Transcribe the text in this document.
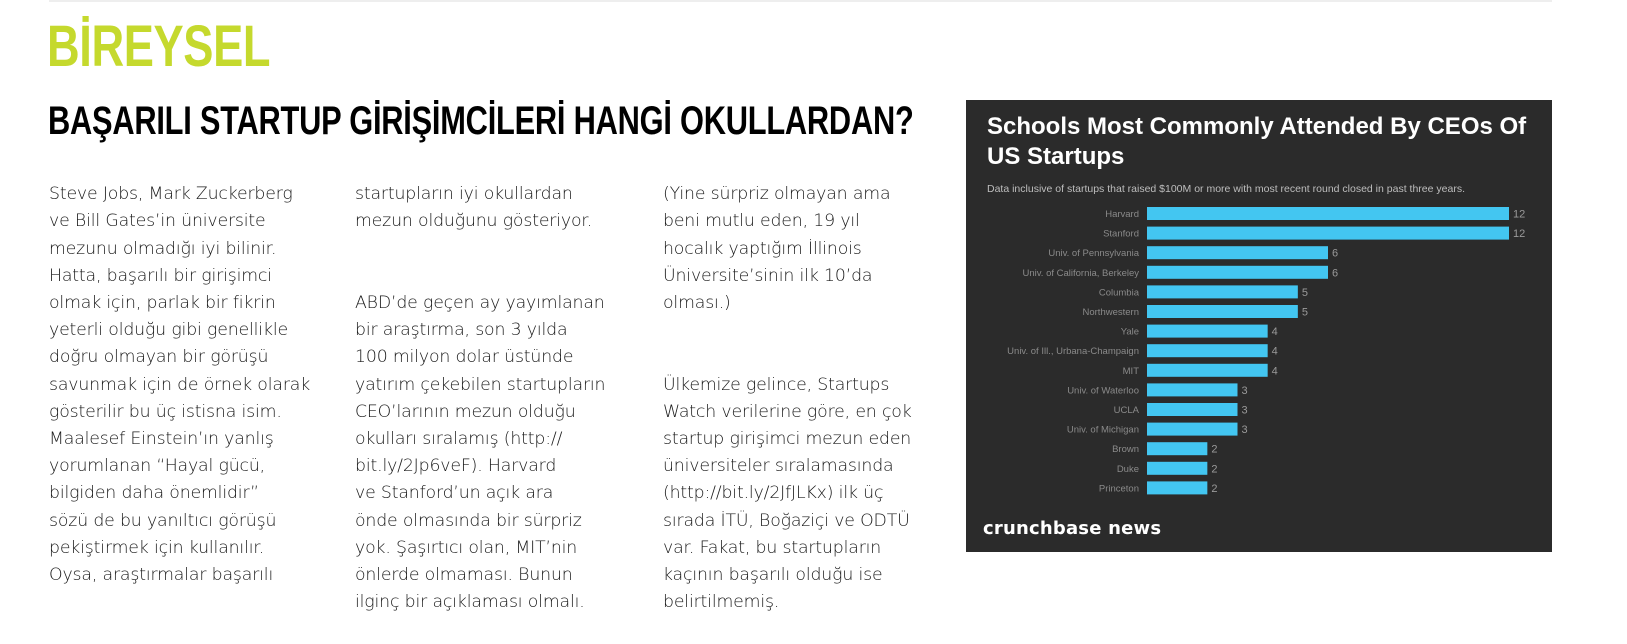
BİREYSEL
BAŞARILI STARTUP GİRİŞİMCİLERİ HANGİ OKULLARDAN?

Steve Jobs, Mark Zuckerberg
ve Bill Gates’in üniversite
mezunu olmadığı iyi bilinir.
Hatta, başarılı bir girişimci
olmak için, parlak bir fikrin
yeterli olduğu gibi genellikle
doğru olmayan bir görüşü
savunmak için de örnek olarak
gösterilir bu üç istisna isim.
Maalesef Einstein’ın yanlış
yorumlanan “Hayal gücü,
bilgiden daha önemlidir”
sözü de bu yanıltıcı görüşü
pekiştirmek için kullanılır.
Oysa, araştırmalar başarılı

startupların iyi okullardan
mezun olduğunu gösteriyor.

ABD’de geçen ay yayımlanan
bir araştırma, son 3 yılda
100 milyon dolar üstünde
yatırım çekebilen startupların
CEO’larının mezun olduğu
okulları sıralamış (http://
bit.ly/2Jp6veF). Harvard
ve Stanford’un açık ara
önde olmasında bir sürpriz
yok. Şaşırtıcı olan, MIT’nin
önlerde olmaması. Bunun
ilginç bir açıklaması olmalı.

(Yine sürpriz olmayan ama
beni mutlu eden, 19 yıl
hocalık yaptığım İllinois
Üniversite’sinin ilk 10’da
olması.)

Ülkemize gelince, Startups
Watch verilerine göre, en çok
startup girişimci mezun eden
üniversiteler sıralamasında
(http://bit.ly/2JfJLKx) ilk üç
sırada İTÜ, Boğaziçi ve ODTÜ
var. Fakat, bu startupların
kaçının başarılı olduğu ise
belirtilmemiş.

Schools Most Commonly Attended By CEOs Of US Startups
Data inclusive of startups that raised $100M or more with most recent round closed in past three years.
Harvard	12
Stanford	12
Univ. of Pennsylvania	6
Univ. of California, Berkeley	6
Columbia	5
Northwestern	5
Yale	4
Univ. of Ill., Urbana-Champaign	4
MIT	4
Univ. of Waterloo	3
UCLA	3
Univ. of Michigan	3
Brown	2
Duke	2
Princeton	2
crunchbase news
